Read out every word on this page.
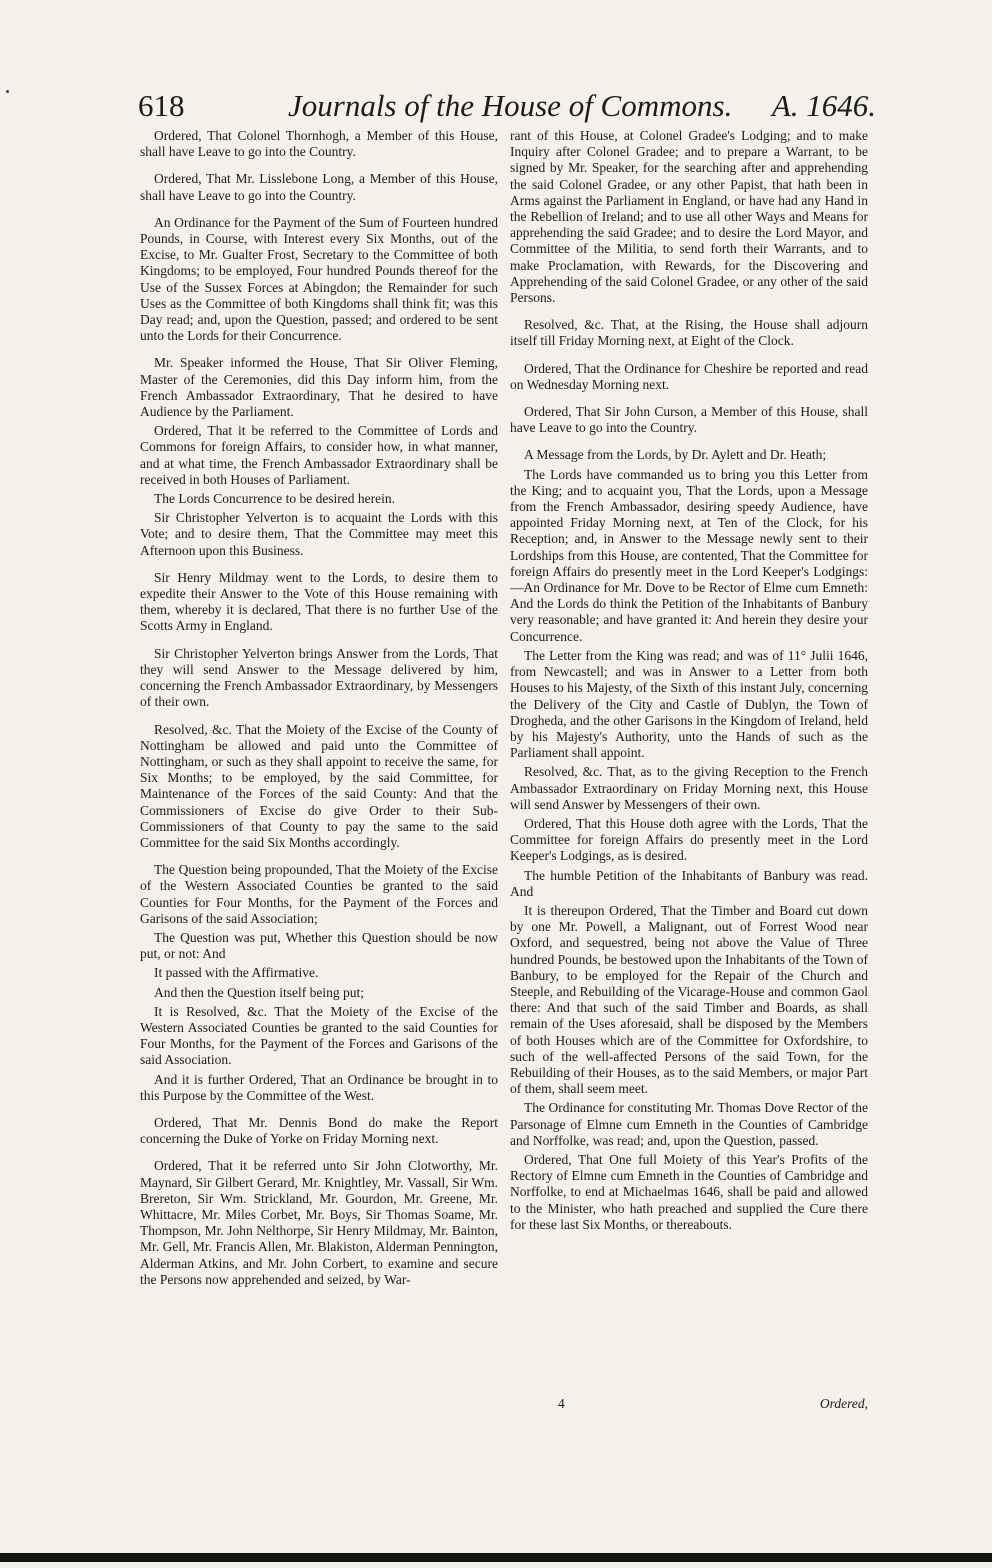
618	Journals of the House of Commons. A. 1646.

Ordered, That Colonel Thornhogh, a Member of this House, shall have Leave to go into the Country.

Ordered, That Mr. Lisslebone Long, a Member of this House, shall have Leave to go into the Country.

An Ordinance for the Payment of the Sum of Fourteen hundred Pounds, in Course, with Interest every Six Months, out of the Excise, to Mr. Gualter Frost, Secretary to the Committee of both Kingdoms; to be employed, Four hundred Pounds thereof for the Use of the Sussex Forces at Abingdon; the Remainder for such Uses as the Committee of both Kingdoms shall think fit; was this Day read; and, upon the Question, passed; and ordered to be sent unto the Lords for their Concurrence.

Mr. Speaker informed the House, That Sir Oliver Fleming, Master of the Ceremonies, did this Day inform him, from the French Ambassador Extraordinary, That he desired to have Audience by the Parliament.

Ordered, That it be referred to the Committee of Lords and Commons for foreign Affairs, to consider how, in what manner, and at what time, the French Ambassador Extraordinary shall be received in both Houses of Parliament.

The Lords Concurrence to be desired herein.

Sir Christopher Yelverton is to acquaint the Lords with this Vote; and to desire them, That the Committee may meet this Afternoon upon this Business.

Sir Henry Mildmay went to the Lords, to desire them to expedite their Answer to the Vote of this House remaining with them, whereby it is declared, That there is no further Use of the Scotts Army in England.

Sir Christopher Yelverton brings Answer from the Lords, That they will send Answer to the Message delivered by him, concerning the French Ambassador Extraordinary, by Messengers of their own.

Resolved, &c. That the Moiety of the Excise of the County of Nottingham be allowed and paid unto the Committee of Nottingham, or such as they shall appoint to receive the same, for Six Months; to be employed, by the said Committee, for Maintenance of the Forces of the said County: And that the Commissioners of Excise do give Order to their Sub-Commissioners of that County to pay the same to the said Committee for the said Six Months accordingly.

The Question being propounded, That the Moiety of the Excise of the Western Associated Counties be granted to the said Counties for Four Months, for the Payment of the Forces and Garisons of the said Association;

The Question was put, Whether this Question should be now put, or not: And

It passed with the Affirmative.

And then the Question itself being put;

It is Resolved, &c. That the Moiety of the Excise of the Western Associated Counties be granted to the said Counties for Four Months, for the Payment of the Forces and Garisons of the said Association.

And it is further Ordered, That an Ordinance be brought in to this Purpose by the Committee of the West.

Ordered, That Mr. Dennis Bond do make the Report concerning the Duke of Yorke on Friday Morning next.

Ordered, That it be referred unto Sir John Clotworthy, Mr. Maynard, Sir Gilbert Gerard, Mr. Knightley, Mr. Vassall, Sir Wm. Brereton, Sir Wm. Strickland, Mr. Gourdon, Mr. Greene, Mr. Whittacre, Mr. Miles Corbet, Mr. Boys, Sir Thomas Soame, Mr. Thompson, Mr. John Nelthorpe, Sir Henry Mildmay, Mr. Bainton, Mr. Gell, Mr. Francis Allen, Mr. Blakiston, Alderman Pennington, Alderman Atkins, and Mr. John Corbert, to examine and secure the Persons now apprehended and seized, by War-

rant of this House, at Colonel Gradee's Lodging; and to make Inquiry after Colonel Gradee; and to prepare a Warrant, to be signed by Mr. Speaker, for the searching after and apprehending the said Colonel Gradee, or any other Papist, that hath been in Arms against the Parliament in England, or have had any Hand in the Rebellion of Ireland; and to use all other Ways and Means for apprehending the said Gradee; and to desire the Lord Mayor, and Committee of the Militia, to send forth their Warrants, and to make Proclamation, with Rewards, for the Discovering and Apprehending of the said Colonel Gradee, or any other of the said Persons.

Resolved, &c. That, at the Rising, the House shall adjourn itself till Friday Morning next, at Eight of the Clock.

Ordered, That the Ordinance for Cheshire be reported and read on Wednesday Morning next.

Ordered, That Sir John Curson, a Member of this House, shall have Leave to go into the Country.

A Message from the Lords, by Dr. Aylett and Dr. Heath;

The Lords have commanded us to bring you this Letter from the King; and to acquaint you, That the Lords, upon a Message from the French Ambassador, desiring speedy Audience, have appointed Friday Morning next, at Ten of the Clock, for his Reception; and, in Answer to the Message newly sent to their Lordships from this House, are contented, That the Committee for foreign Affairs do presently meet in the Lord Keeper's Lodgings: —An Ordinance for Mr. Dove to be Rector of Elme cum Emneth: And the Lords do think the Petition of the Inhabitants of Banbury very reasonable; and have granted it: And herein they desire your Concurrence.

The Letter from the King was read; and was of 11° Julii 1646, from Newcastell; and was in Answer to a Letter from both Houses to his Majesty, of the Sixth of this instant July, concerning the Delivery of the City and Castle of Dublyn, the Town of Drogheda, and the other Garisons in the Kingdom of Ireland, held by his Majesty's Authority, unto the Hands of such as the Parliament shall appoint.

Resolved, &c. That, as to the giving Reception to the French Ambassador Extraordinary on Friday Morning next, this House will send Answer by Messengers of their own.

Ordered, That this House doth agree with the Lords, That the Committee for foreign Affairs do presently meet in the Lord Keeper's Lodgings, as is desired.

The humble Petition of the Inhabitants of Banbury was read. And

It is thereupon Ordered, That the Timber and Board cut down by one Mr. Powell, a Malignant, out of Forrest Wood near Oxford, and sequestred, being not above the Value of Three hundred Pounds, be bestowed upon the Inhabitants of the Town of Banbury, to be employed for the Repair of the Church and Steeple, and Rebuilding of the Vicarage-House and common Gaol there: And that such of the said Timber and Boards, as shall remain of the Uses aforesaid, shall be disposed by the Members of both Houses which are of the Committee for Oxfordshire, to such of the well-affected Persons of the said Town, for the Rebuilding of their Houses, as to the said Members, or major Part of them, shall seem meet.

The Ordinance for constituting Mr. Thomas Dove Rector of the Parsonage of Elmne cum Emneth in the Counties of Cambridge and Norffolke, was read; and, upon the Question, passed.

Ordered, That One full Moiety of this Year's Profits of the Rectory of Elmne cum Emneth in the Counties of Cambridge and Norffolke, to end at Michaelmas 1646, shall be paid and allowed to the Minister, who hath preached and supplied the Cure there for these last Six Months, or thereabouts.

4	Ordered,
